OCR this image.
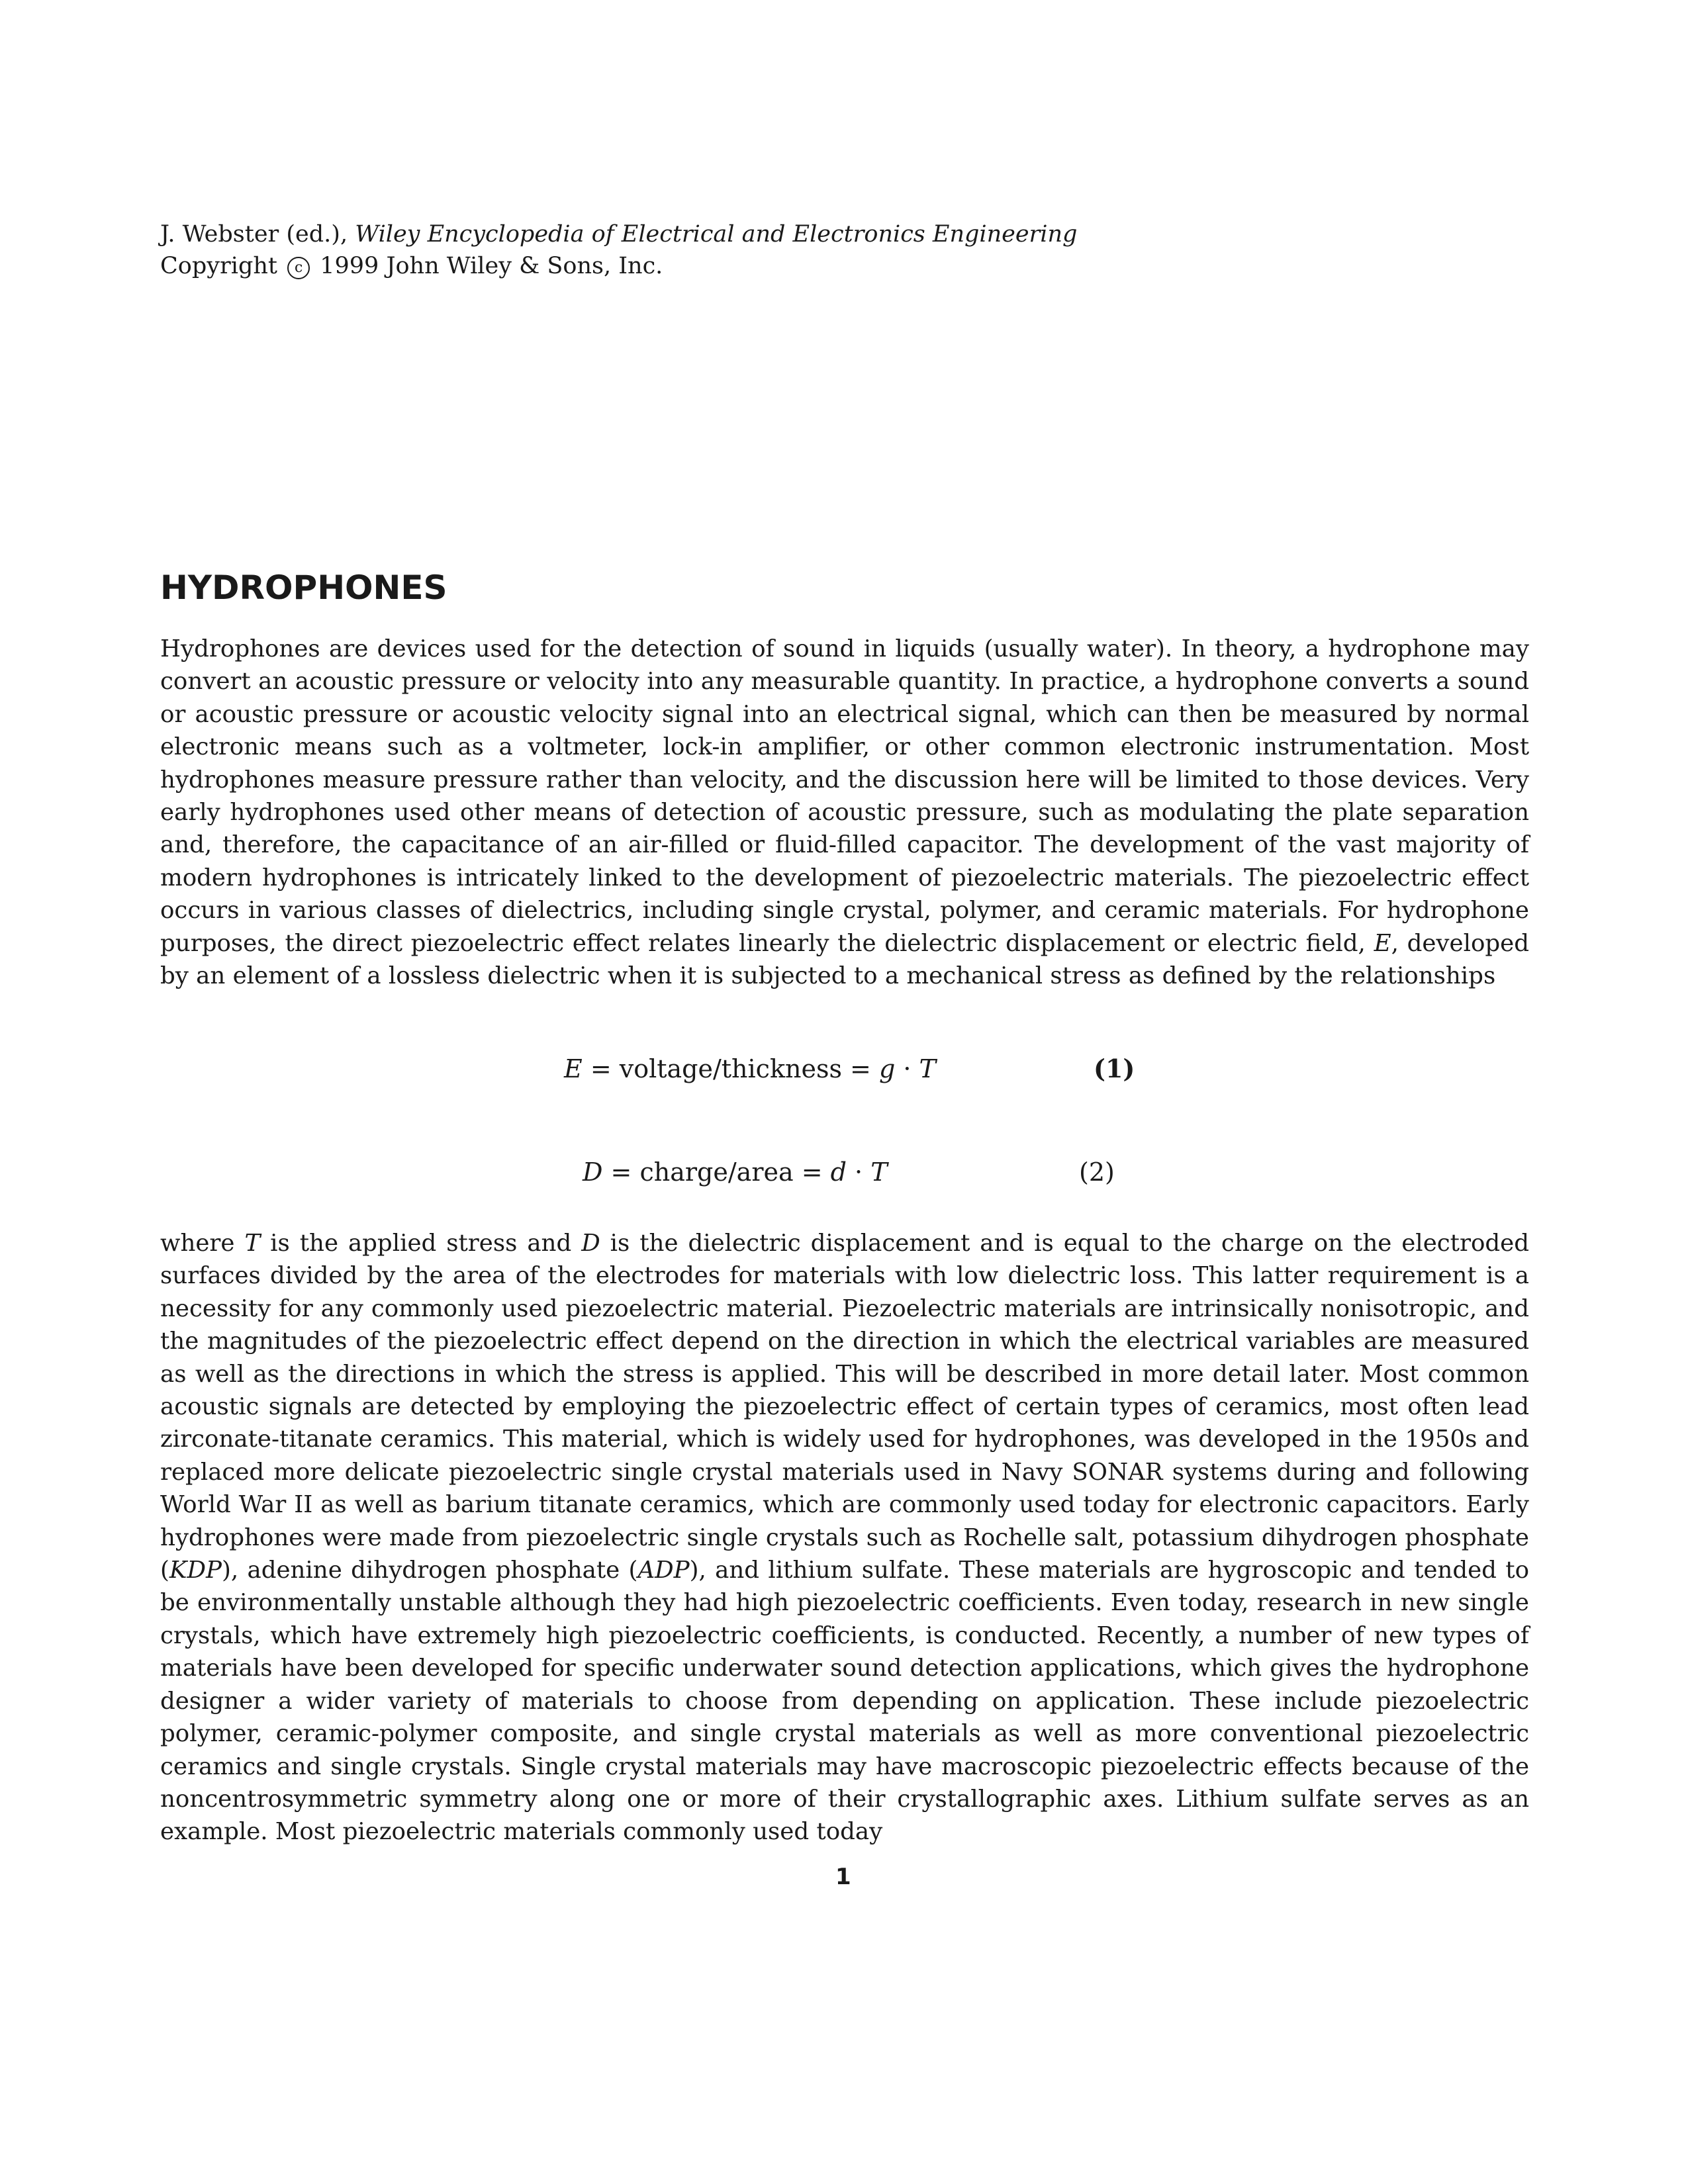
J. Webster (ed.), Wiley Encyclopedia of Electrical and Electronics Engineering
Copyright c 1999 John Wiley & Sons, Inc.
HYDROPHONES

Hydrophones are devices used for the detection of sound in liquids (usually water). In theory, a hydrophone may convert an acoustic pressure or velocity into any measurable quantity. In practice, a hydrophone converts a sound or acoustic pressure or acoustic velocity signal into an electrical signal, which can then be measured by normal electronic means such as a voltmeter, lock-in amplifier, or other common electronic instrumentation. Most hydrophones measure pressure rather than velocity, and the discussion here will be limited to those devices. Very early hydrophones used other means of detection of acoustic pressure, such as modulating the plate separation and, therefore, the capacitance of an air-filled or fluid-filled capacitor. The development of the vast majority of modern hydrophones is intricately linked to the development of piezoelectric materials. The piezoelectric effect occurs in various classes of dielectrics, including single crystal, polymer, and ceramic materials. For hydrophone purposes, the direct piezoelectric effect relates linearly the dielectric displacement or electric field, E, developed by an element of a lossless dielectric when it is subjected to a mechanical stress as defined by the relationships

E = voltage/thickness = g · T	(1)
D = charge/area = d · T	(2)

where T is the applied stress and D is the dielectric displacement and is equal to the charge on the electroded surfaces divided by the area of the electrodes for materials with low dielectric loss. This latter requirement is a necessity for any commonly used piezoelectric material. Piezoelectric materials are intrinsically nonisotropic, and the magnitudes of the piezoelectric effect depend on the direction in which the electrical variables are measured as well as the directions in which the stress is applied. This will be described in more detail later. Most common acoustic signals are detected by employing the piezoelectric effect of certain types of ceramics, most often lead zirconate-titanate ceramics. This material, which is widely used for hydrophones, was developed in the 1950s and replaced more delicate piezoelectric single crystal materials used in Navy SONAR systems during and following World War II as well as barium titanate ceramics, which are commonly used today for electronic capacitors. Early hydrophones were made from piezoelectric single crystals such as Rochelle salt, potassium dihydrogen phosphate (KDP), adenine dihydrogen phosphate (ADP), and lithium sulfate. These materials are hygroscopic and tended to be environmentally unstable although they had high piezoelectric coefficients. Even today, research in new single crystals, which have extremely high piezoelectric coefficients, is conducted. Recently, a number of new types of materials have been developed for specific underwater sound detection applications, which gives the hydrophone designer a wider variety of materials to choose from depending on application. These include piezoelectric polymer, ceramic-polymer composite, and single crystal materials as well as more conventional piezoelectric ceramics and single crystals. Single crystal materials may have macroscopic piezoelectric effects because of the noncentrosymmetric symmetry along one or more of their crystallographic axes. Lithium sulfate serves as an example. Most piezoelectric materials commonly used today

1
